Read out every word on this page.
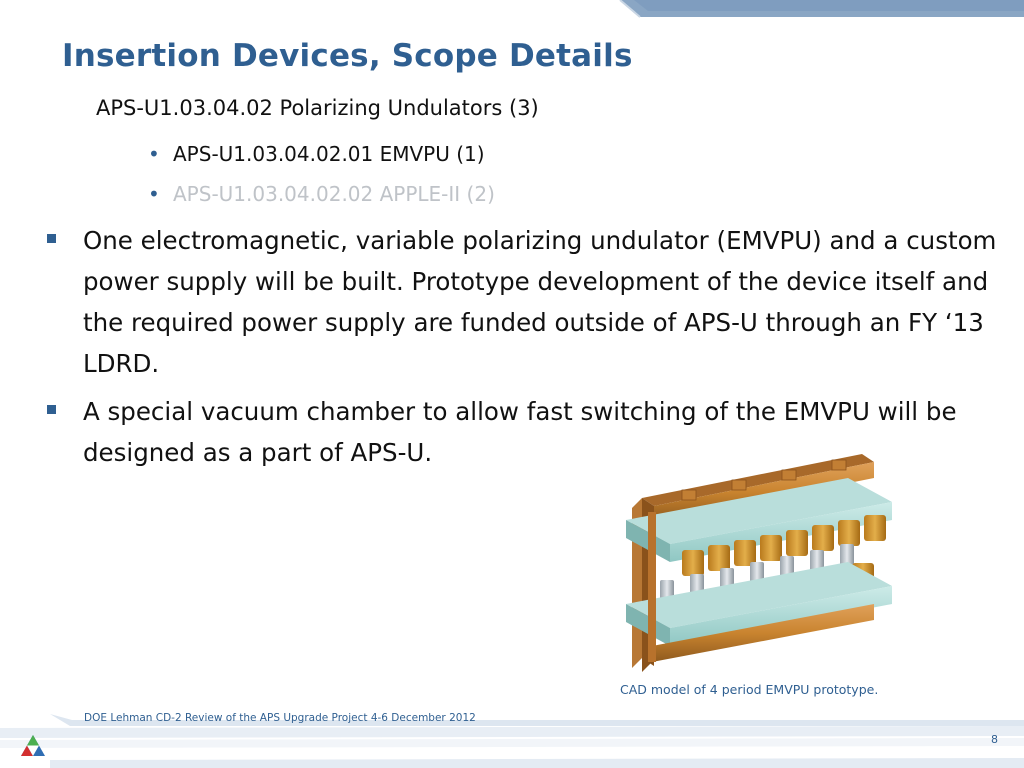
Insertion Devices, Scope Details
APS-U1.03.04.02 Polarizing Undulators (3)
• APS-U1.03.04.02.01 EMVPU (1)
• APS-U1.03.04.02.02 APPLE-II (2)
One electromagnetic, variable polarizing undulator (EMVPU) and a custom power supply will be built. Prototype development of the device itself and the required power supply are funded outside of APS-U through an FY ‘13 LDRD.
A special vacuum chamber to allow fast switching of the EMVPU will be designed as a part of APS-U.
CAD model of 4 period EMVPU prototype.
DOE Lehman CD-2 Review of the APS Upgrade Project 4-6 December 2012
8
